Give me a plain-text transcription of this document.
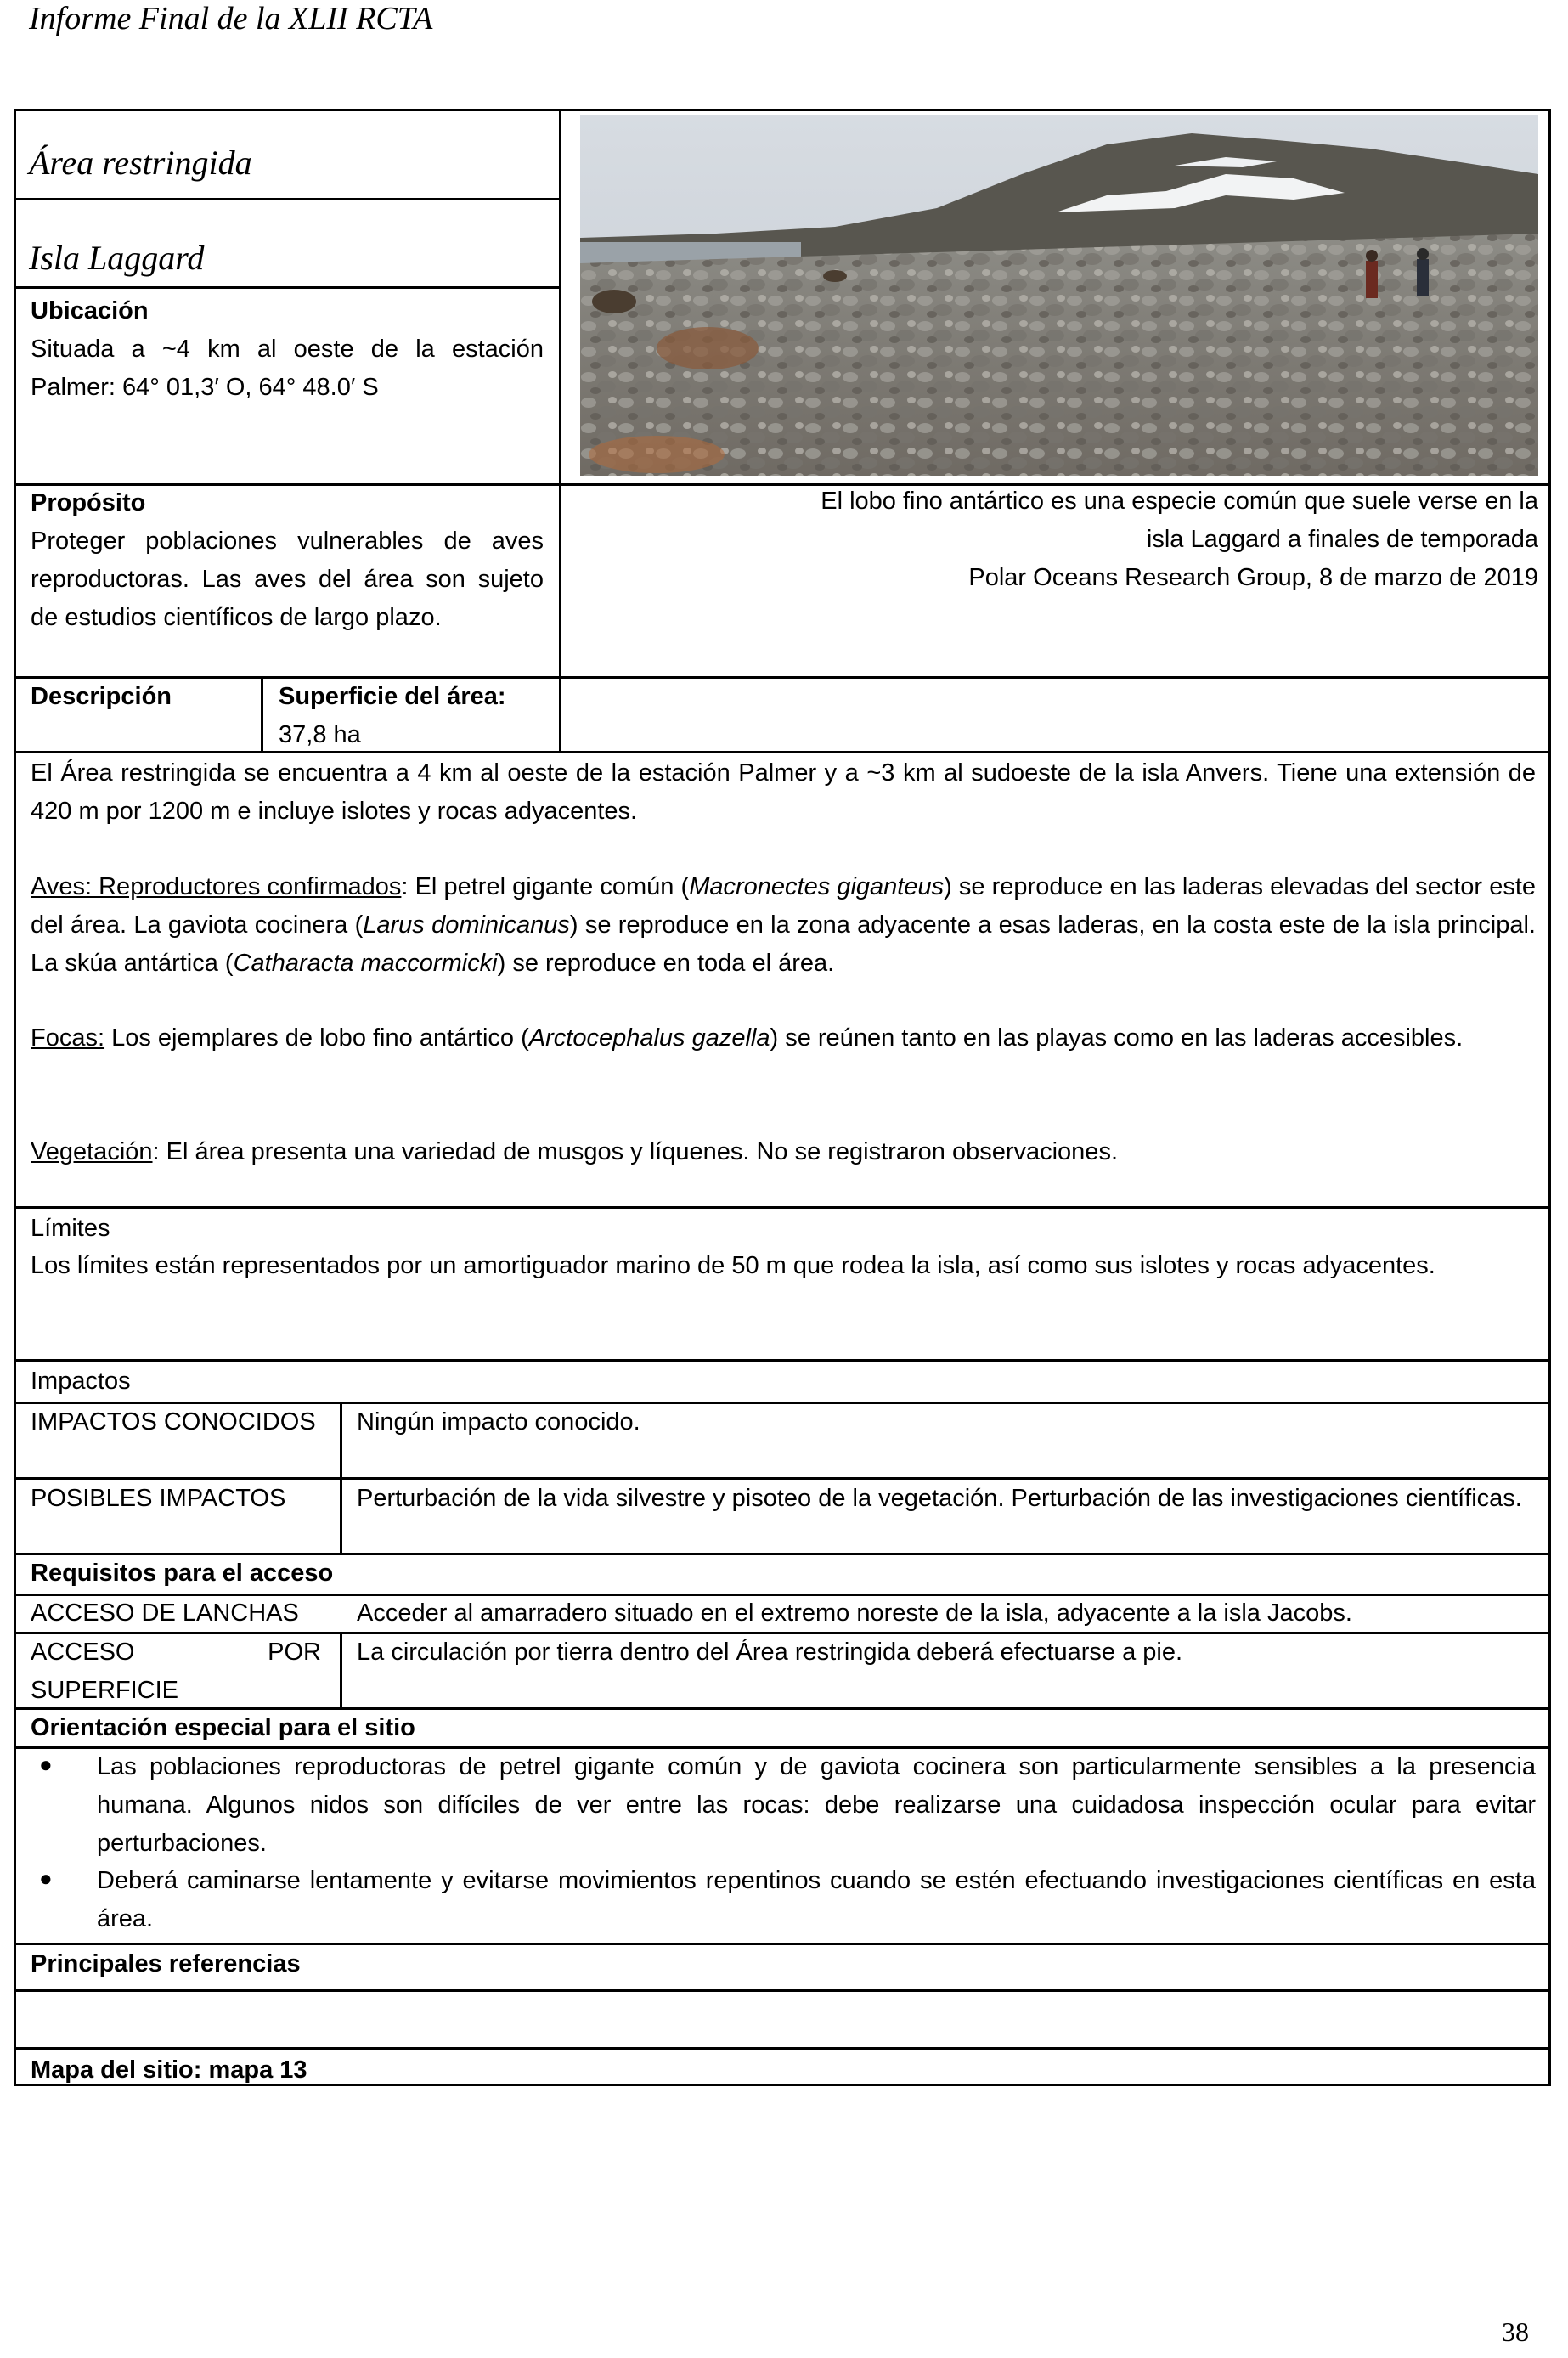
Informe Final de la XLII RCTA
Área restringida
Isla Laggard
Ubicación
Situada a ~4 km al oeste de la estación Palmer: 64° 01,3′ O, 64° 48.0′ S
Propósito
Proteger poblaciones vulnerables de aves reproductoras. Las aves del área son sujeto de estudios científicos de largo plazo.
Descripción	Superficie del área:
37,8 ha
El lobo fino antártico es una especie común que suele verse en la
isla Laggard a finales de temporada
Polar Oceans Research Group, 8 de marzo de 2019
El Área restringida se encuentra a 4 km al oeste de la estación Palmer y a ~3 km al sudoeste de la isla Anvers. Tiene una extensión de 420 m por 1200 m e incluye islotes y rocas adyacentes.
Aves: Reproductores confirmados: El petrel gigante común (Macronectes giganteus) se reproduce en las laderas elevadas del sector este del área. La gaviota cocinera (Larus dominicanus) se reproduce en la zona adyacente a esas laderas, en la costa este de la isla principal. La skúa antártica (Catharacta maccormicki) se reproduce en toda el área.
Focas: Los ejemplares de lobo fino antártico (Arctocephalus gazella) se reúnen tanto en las playas como en las laderas accesibles.
Vegetación: El área presenta una variedad de musgos y líquenes. No se registraron observaciones.
Límites
Los límites están representados por un amortiguador marino de 50 m que rodea la isla, así como sus islotes y rocas adyacentes.
Impactos
IMPACTOS CONOCIDOS Ningún impacto conocido.
POSIBLES IMPACTOS	Perturbación de la vida silvestre y pisoteo de la vegetación. Perturbación de las investigaciones científicas.
Requisitos para el acceso
ACCESO DE LANCHAS Acceder al amarradero situado en el extremo noreste de la isla, adyacente a la isla Jacobs.
ACCESO POR SUPERFICIE
La circulación por tierra dentro del Área restringida deberá efectuarse a pie.
Orientación especial para el sitio
● Las poblaciones reproductoras de petrel gigante común y de gaviota cocinera son particularmente sensibles a la presencia humana. Algunos nidos son difíciles de ver entre las rocas: debe realizarse una cuidadosa inspección ocular para evitar perturbaciones.
● Deberá caminarse lentamente y evitarse movimientos repentinos cuando se estén efectuando investigaciones científicas en esta área.
Principales referencias
Mapa del sitio: mapa 13
38
